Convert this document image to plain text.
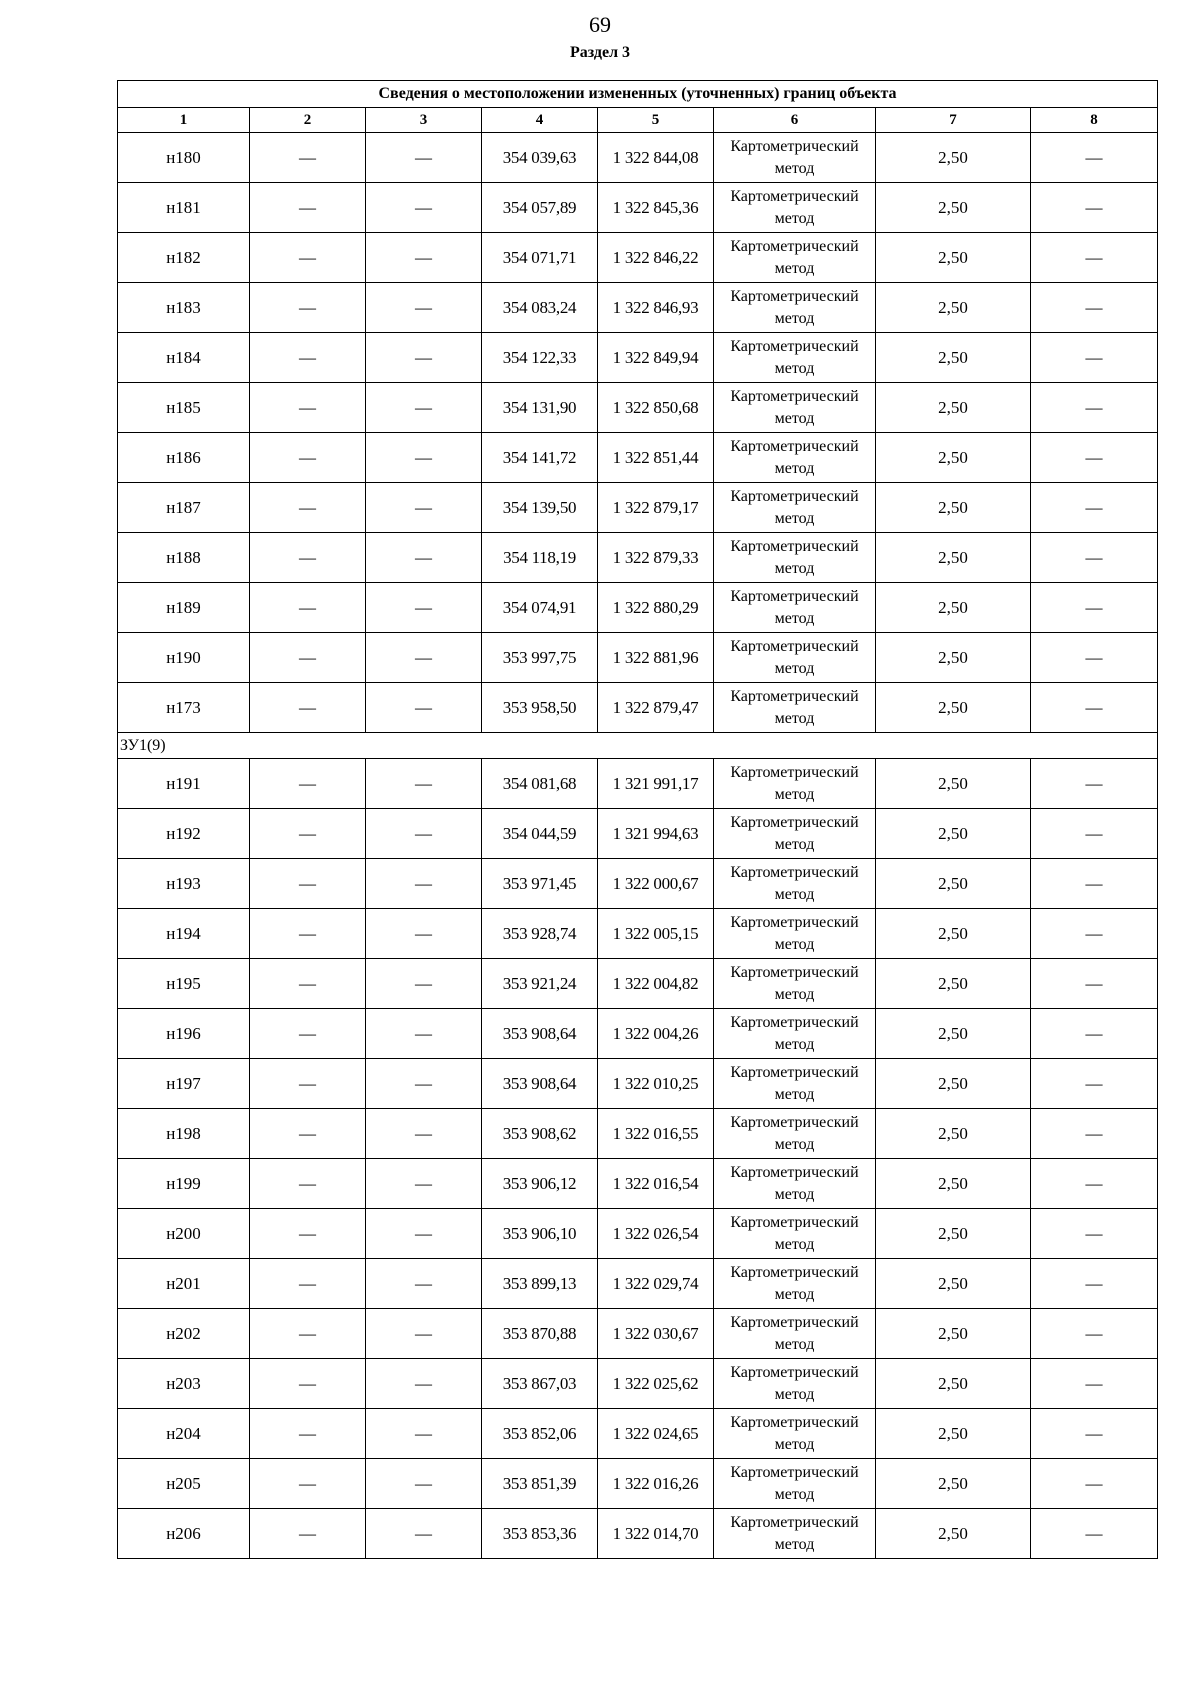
69
Раздел 3
Сведения о местоположении измененных (уточненных) границ объекта							
1	2	3	4	5	6	7	8
н180	—	—	354 039,63	1 322 844,08	Картометрический метод	2,50	—
н181	—	—	354 057,89	1 322 845,36	Картометрический метод	2,50	—
н182	—	—	354 071,71	1 322 846,22	Картометрический метод	2,50	—
н183	—	—	354 083,24	1 322 846,93	Картометрический метод	2,50	—
н184	—	—	354 122,33	1 322 849,94	Картометрический метод	2,50	—
н185	—	—	354 131,90	1 322 850,68	Картометрический метод	2,50	—
н186	—	—	354 141,72	1 322 851,44	Картометрический метод	2,50	—
н187	—	—	354 139,50	1 322 879,17	Картометрический метод	2,50	—
н188	—	—	354 118,19	1 322 879,33	Картометрический метод	2,50	—
н189	—	—	354 074,91	1 322 880,29	Картометрический метод	2,50	—
н190	—	—	353 997,75	1 322 881,96	Картометрический метод	2,50	—
н173	—	—	353 958,50	1 322 879,47	Картометрический метод	2,50	—
ЗУ1(9)							
н191	—	—	354 081,68	1 321 991,17	Картометрический метод	2,50	—
н192	—	—	354 044,59	1 321 994,63	Картометрический метод	2,50	—
н193	—	—	353 971,45	1 322 000,67	Картометрический метод	2,50	—
н194	—	—	353 928,74	1 322 005,15	Картометрический метод	2,50	—
н195	—	—	353 921,24	1 322 004,82	Картометрический метод	2,50	—
н196	—	—	353 908,64	1 322 004,26	Картометрический метод	2,50	—
н197	—	—	353 908,64	1 322 010,25	Картометрический метод	2,50	—
н198	—	—	353 908,62	1 322 016,55	Картометрический метод	2,50	—
н199	—	—	353 906,12	1 322 016,54	Картометрический метод	2,50	—
н200	—	—	353 906,10	1 322 026,54	Картометрический метод	2,50	—
н201	—	—	353 899,13	1 322 029,74	Картометрический метод	2,50	—
н202	—	—	353 870,88	1 322 030,67	Картометрический метод	2,50	—
н203	—	—	353 867,03	1 322 025,62	Картометрический метод	2,50	—
н204	—	—	353 852,06	1 322 024,65	Картометрический метод	2,50	—
н205	—	—	353 851,39	1 322 016,26	Картометрический метод	2,50	—
н206	—	—	353 853,36	1 322 014,70	Картометрический метод	2,50	—
